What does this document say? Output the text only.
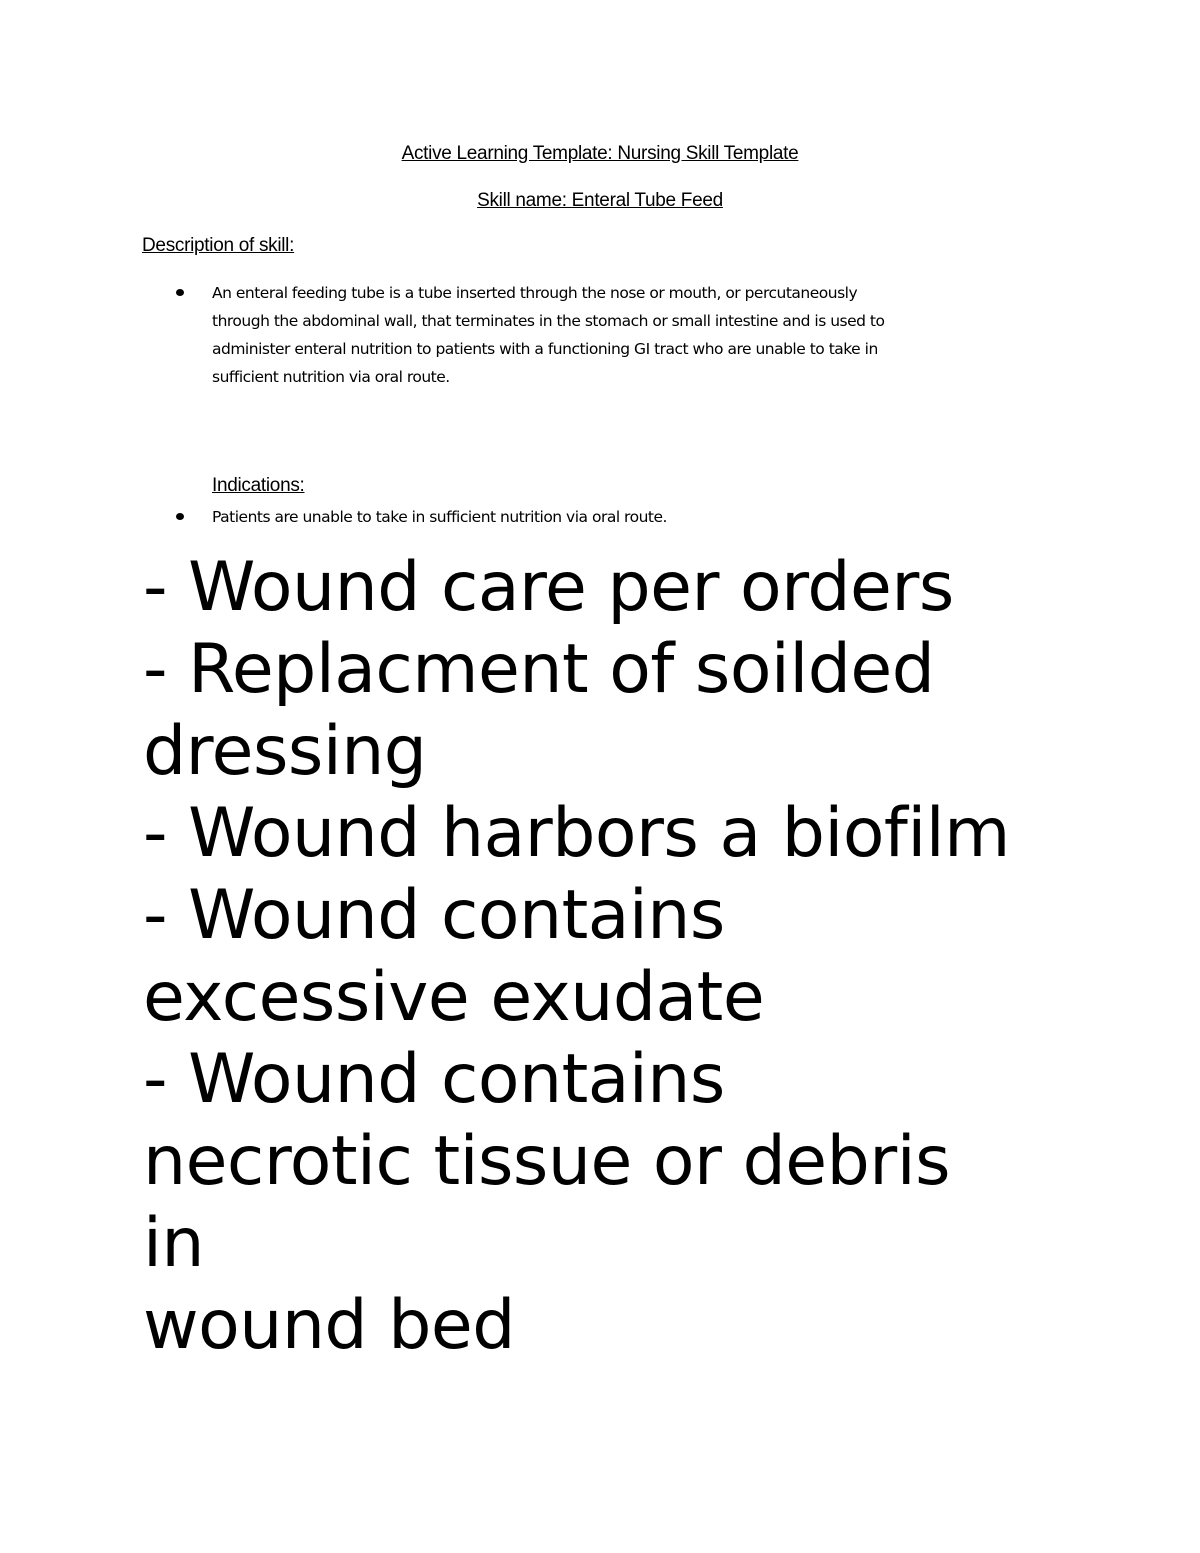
Active Learning Template: Nursing Skill Template
Skill name: Enteral Tube Feed
Description of skill:
An enteral feeding tube is a tube inserted through the nose or mouth, or percutaneously
through the abdominal wall, that terminates in the stomach or small intestine and is used to
administer enteral nutrition to patients with a functioning GI tract who are unable to take in
sufficient nutrition via oral route.
Indications:
Patients are unable to take in sufficient nutrition via oral route.
- Wound care per orders
- Replacment of soilded
dressing
- Wound harbors a biofilm
- Wound contains
excessive exudate
- Wound contains
necrotic tissue or debris
in
wound bed
